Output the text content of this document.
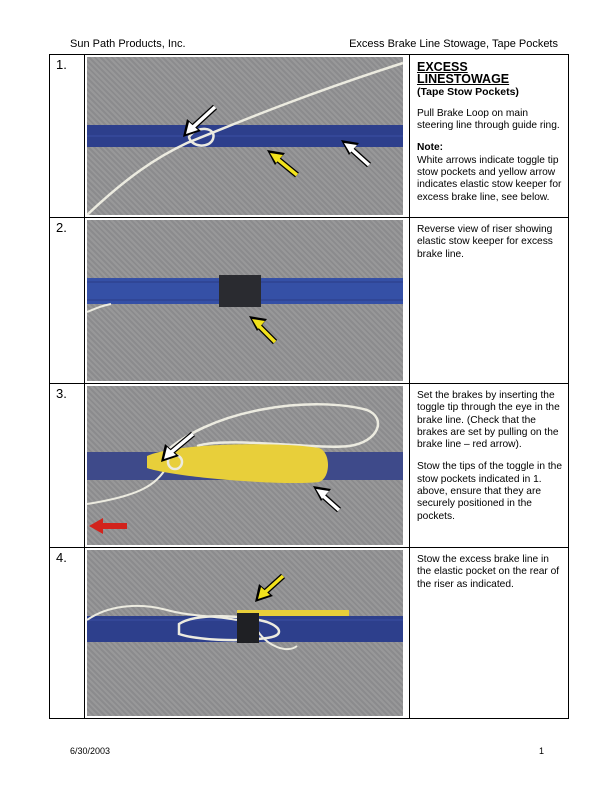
Sun Path Products, Inc.	Excess Brake Line Stowage, Tape Pockets
1.		EXCESS LINESTOWAGE
(Tape Stow Pockets)
Pull Brake Loop on main steering line through guide ring.
Note:
White arrows indicate toggle tip stow pockets and yellow arrow indicates elastic stow keeper for excess brake line, see below.

2.		Reverse view of riser showing elastic stow keeper for excess brake line.

3.		Set the brakes by inserting the toggle tip through the eye in the brake line. (Check that the brakes are set by pulling on the brake line – red arrow).
Stow the tips of the toggle in the stow pockets indicated in 1. above, ensure that they are securely positioned in the pockets.

4.		Stow the excess brake line in the elastic pocket on the rear of the riser as indicated.
6/30/2003	1
